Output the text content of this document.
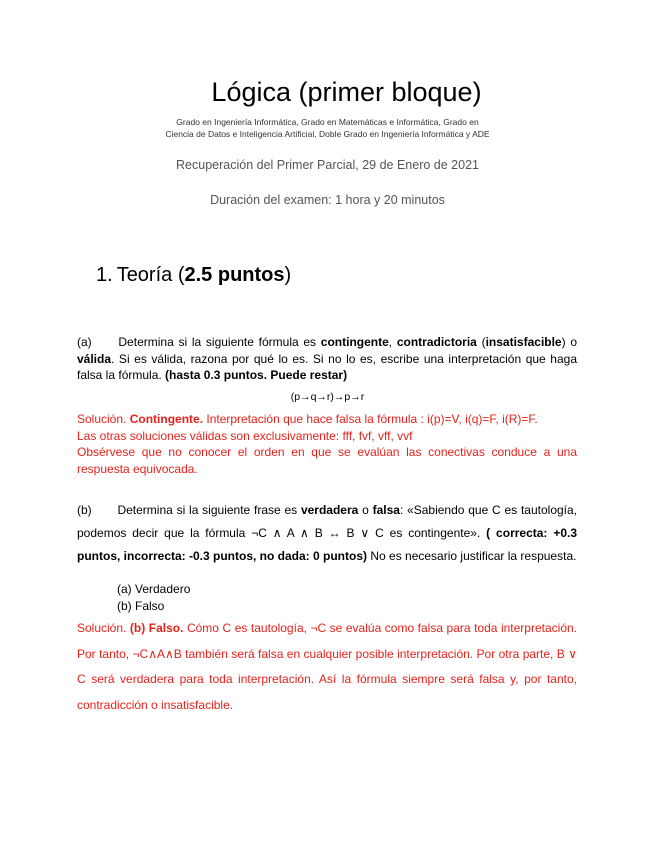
Lógica (primer bloque)
Grado en Ingeniería Informática, Grado en Matemáticas e Informática, Grado en
Ciencia de Datos e Inteligencia Artificial, Doble Grado en Ingeniería Informática y ADE
Recuperación del Primer Parcial, 29 de Enero de 2021
Duración del examen: 1 hora y 20 minutos
1. Teoría (2.5 puntos)
(a) Determina si la siguiente fórmula es contingente, contradictoria (insatisfacible) o válida. Si es válida, razona por qué lo es. Si no lo es, escribe una interpretación que haga falsa la fórmula. (hasta 0.3 puntos. Puede restar)
(p→q→r)→p→r
Solución. Contingente. Interpretación que hace falsa la fórmula : i(p)=V, i(q)=F, i(R)=F.
Las otras soluciones válidas son exclusivamente: fff, fvf, vff, vvf
Obsérvese que no conocer el orden en que se evalúan las conectivas conduce a una respuesta equivocada.
(b) Determina si la siguiente frase es verdadera o falsa: «Sabiendo que C es tautología, podemos decir que la fórmula ¬C ∧ A ∧ B ↔ B ∨ C es contingente». ( correcta: +0.3 puntos, incorrecta: -0.3 puntos, no dada: 0 puntos) No es necesario justificar la respuesta.
(a) Verdadero
(b) Falso
Solución. (b) Falso. Cómo C es tautología, ¬C se evalúa como falsa para toda interpretación. Por tanto, ¬C∧A∧B también será falsa en cualquier posible interpretación. Por otra parte, B ∨ C será verdadera para toda interpretación. Así la fórmula siempre será falsa y, por tanto, contradicción o insatisfacible.
